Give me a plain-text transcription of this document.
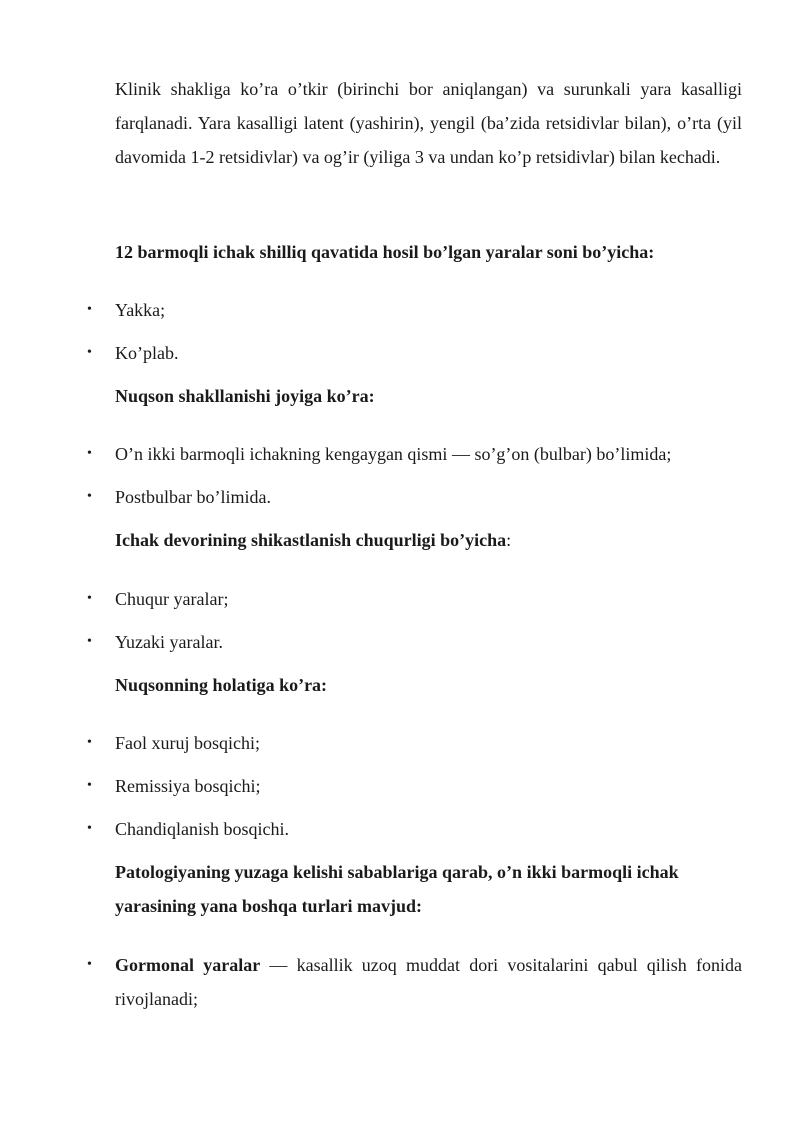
Klinik shakliga ko’ra o’tkir (birinchi bor aniqlangan) va surunkali yara kasalligi farqlanadi. Yara kasalligi latent (yashirin), yengil (ba’zida retsidivlar bilan), o’rta (yil davomida 1-2 retsidivlar) va og’ir (yiliga 3 va undan ko’p retsidivlar) bilan kechadi.

12 barmoqli ichak shilliq qavatida hosil bo’lgan yaralar soni bo’yicha:

• Yakka;
• Ko’plab.

Nuqson shakllanishi joyiga ko’ra:

• O’n ikki barmoqli ichakning kengaygan qismi — so’g’on (bulbar) bo’limida;
• Postbulbar bo’limida.

Ichak devorining shikastlanish chuqurligi bo’yicha:

• Chuqur yaralar;
• Yuzaki yaralar.

Nuqsonning holatiga ko’ra:

• Faol xuruj bosqichi;
• Remissiya bosqichi;
• Chandiqlanish bosqichi.

Patologiyaning yuzaga kelishi sabablariga qarab, o’n ikki barmoqli ichak yarasining yana boshqa turlari mavjud:

• Gormonal yaralar — kasallik uzoq muddat dori vositalarini qabul qilish fonida rivojlanadi;
